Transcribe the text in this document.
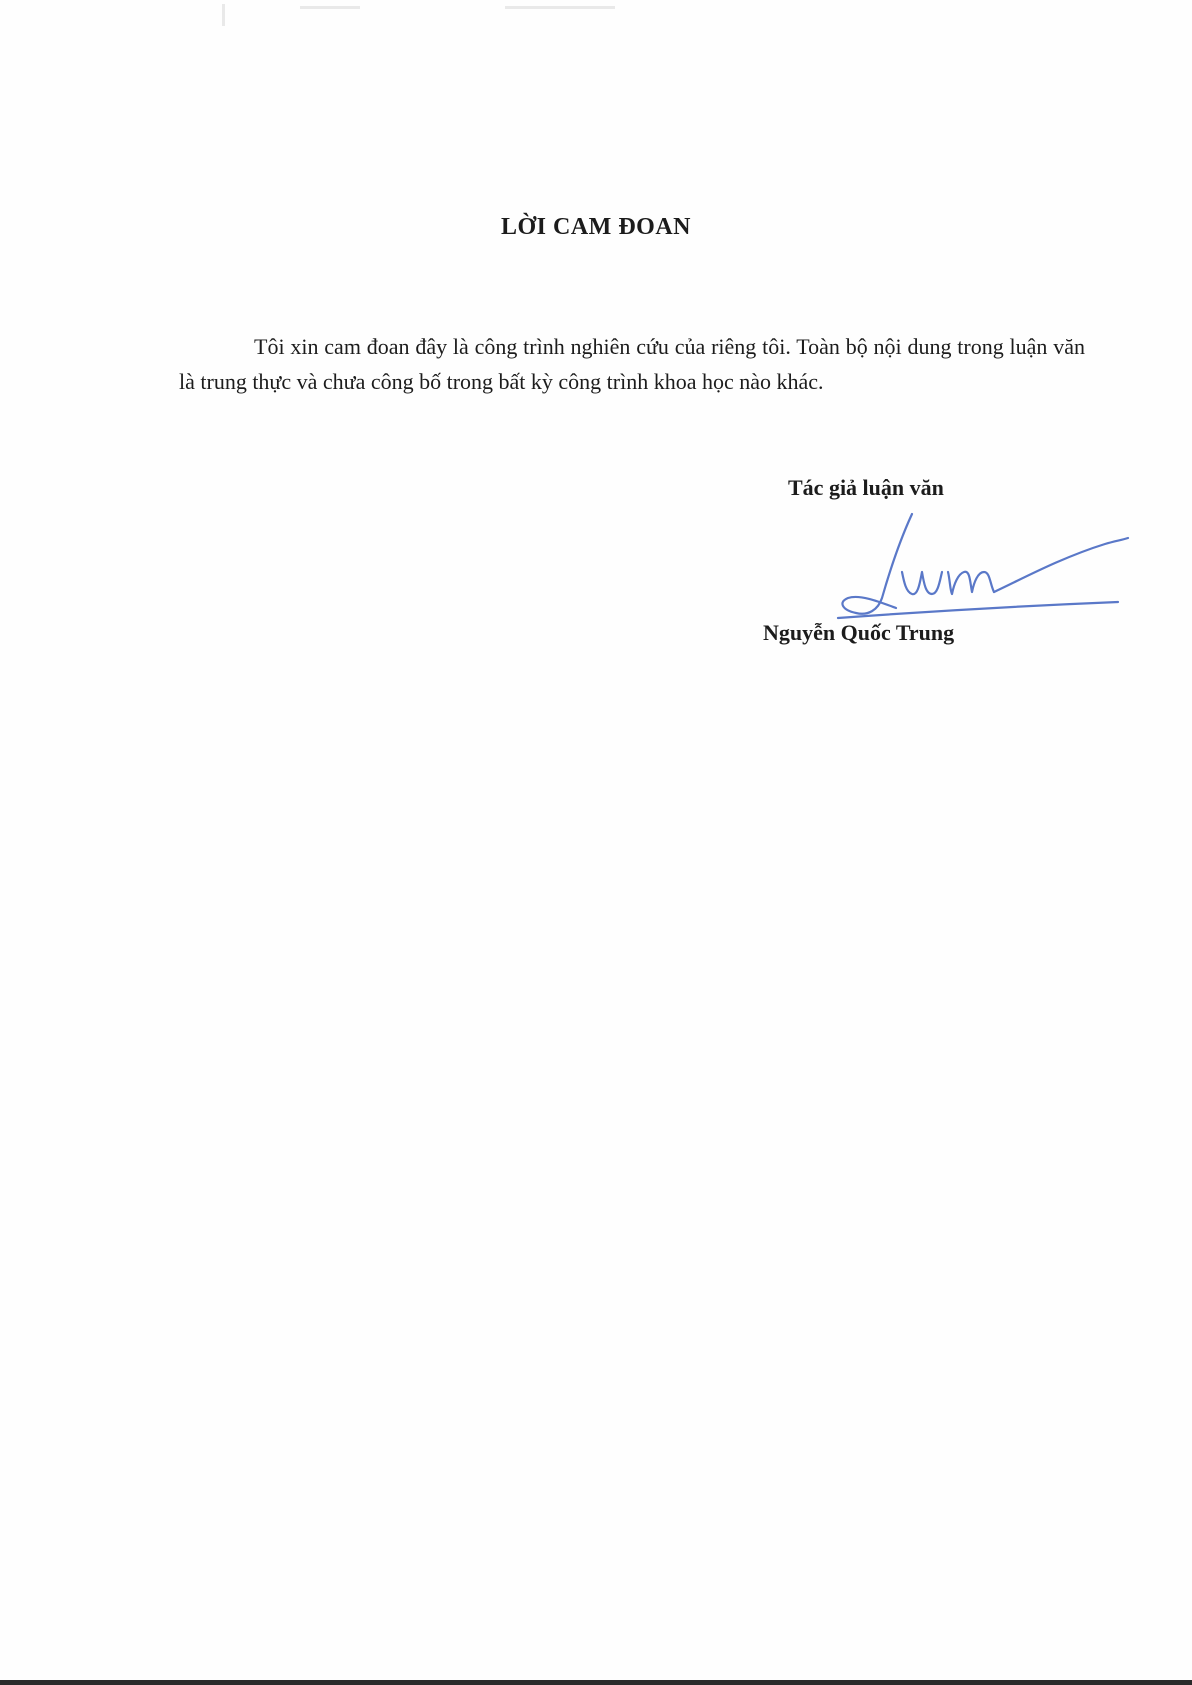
LỜI CAM ĐOAN
Tôi xin cam đoan đây là công trình nghiên cứu của riêng tôi. Toàn bộ nội dung trong luận văn là trung thực và chưa công bố trong bất kỳ công trình khoa học nào khác.
Tác giả luận văn
Nguyễn Quốc Trung
